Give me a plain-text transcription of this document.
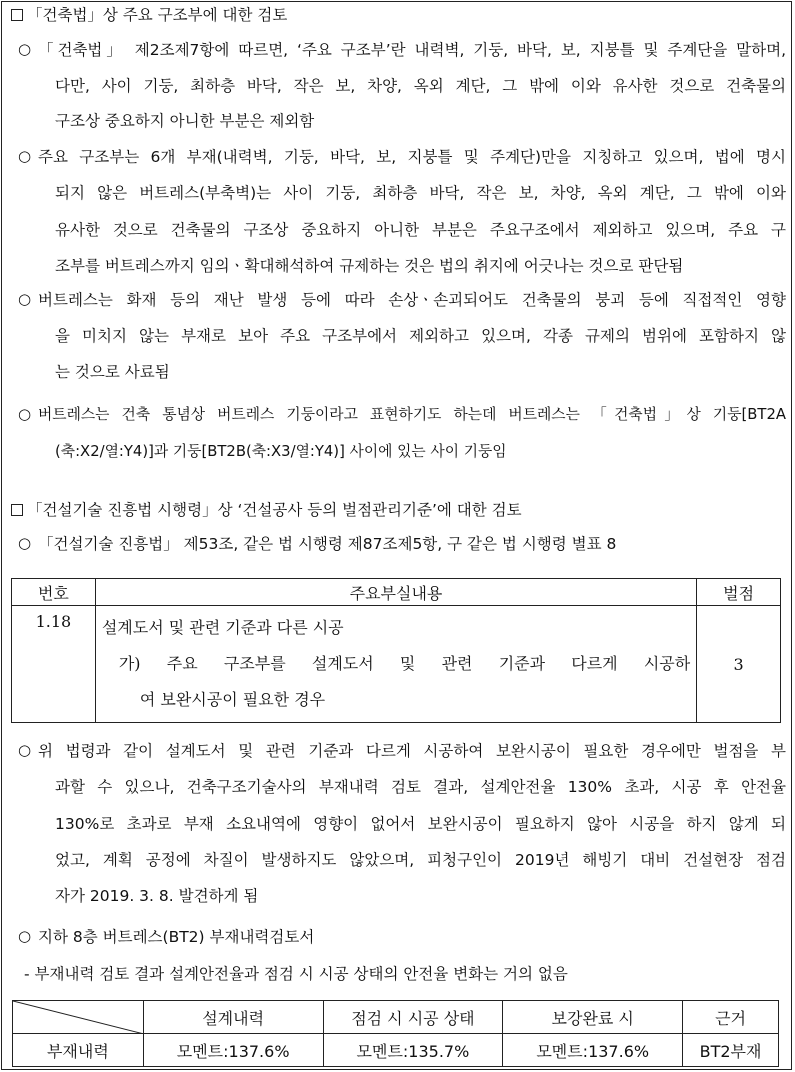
「건축법」상 주요 구조부에 대한 검토
○ 「건축법」 제2조제7항에 따르면, ‘주요 구조부’란 내력벽, 기둥, 바닥, 보, 지붕틀 및 주계단을 말하며,
다만, 사이 기둥, 최하층 바닥, 작은 보, 차양, 옥외 계단, 그 밖에 이와 유사한 것으로 건축물의
구조상 중요하지 아니한 부분은 제외함
○ 주요 구조부는 6개 부재(내력벽, 기둥, 바닥, 보, 지붕틀 및 주계단)만을 지칭하고 있으며, 법에 명시
되지 않은 버트레스(부축벽)는 사이 기둥, 최하층 바닥, 작은 보, 차양, 옥외 계단, 그 밖에 이와
유사한 것으로 건축물의 구조상 중요하지 아니한 부분은 주요구조에서 제외하고 있으며, 주요 구
조부를 버트레스까지 임의ㆍ확대해석하여 규제하는 것은 법의 취지에 어긋나는 것으로 판단됨
○ 버트레스는 화재 등의 재난 발생 등에 따라 손상ㆍ손괴되어도 건축물의 붕괴 등에 직접적인 영향
을 미치지 않는 부재로 보아 주요 구조부에서 제외하고 있으며, 각종 규제의 범위에 포함하지 않
는 것으로 사료됨
○ 버트레스는 건축 통념상 버트레스 기둥이라고 표현하기도 하는데 버트레스는 「건축법」상 기둥[BT2A
(축:X2/열:Y4)]과 기둥[BT2B(축:X3/열:Y4)] 사이에 있는 사이 기둥임
「건설기술 진흥법 시행령」상 ‘건설공사 등의 벌점관리기준’에 대한 검토
○ 「건설기술 진흥법」 제53조, 같은 법 시행령 제87조제5항, 구 같은 법 시행령 별표 8
번호	주요부실내용	벌점
1.18	설계도서 및 관련 기준과 다른 시공
가) 주요 구조부를 설계도서 및 관련 기준과 다르게 시공하
여 보완시공이 필요한 경우	3
○ 위 법령과 같이 설계도서 및 관련 기준과 다르게 시공하여 보완시공이 필요한 경우에만 벌점을 부
과할 수 있으나, 건축구조기술사의 부재내력 검토 결과, 설계안전율 130% 초과, 시공 후 안전율
130%로 초과로 부재 소요내역에 영향이 없어서 보완시공이 필요하지 않아 시공을 하지 않게 되
었고, 계획 공정에 차질이 발생하지도 않았으며, 피청구인이 2019년 해빙기 대비 건설현장 점검
자가 2019. 3. 8. 발견하게 됨
○ 지하 8층 버트레스(BT2) 부재내력검토서
- 부재내력 검토 결과 설계안전율과 점검 시 시공 상태의 안전율 변화는 거의 없음
	설계내력	점검 시 시공 상태	보강완료 시	근거
부재내력	모멘트:137.6%	모멘트:135.7%	모멘트:137.6%	BT2부재
